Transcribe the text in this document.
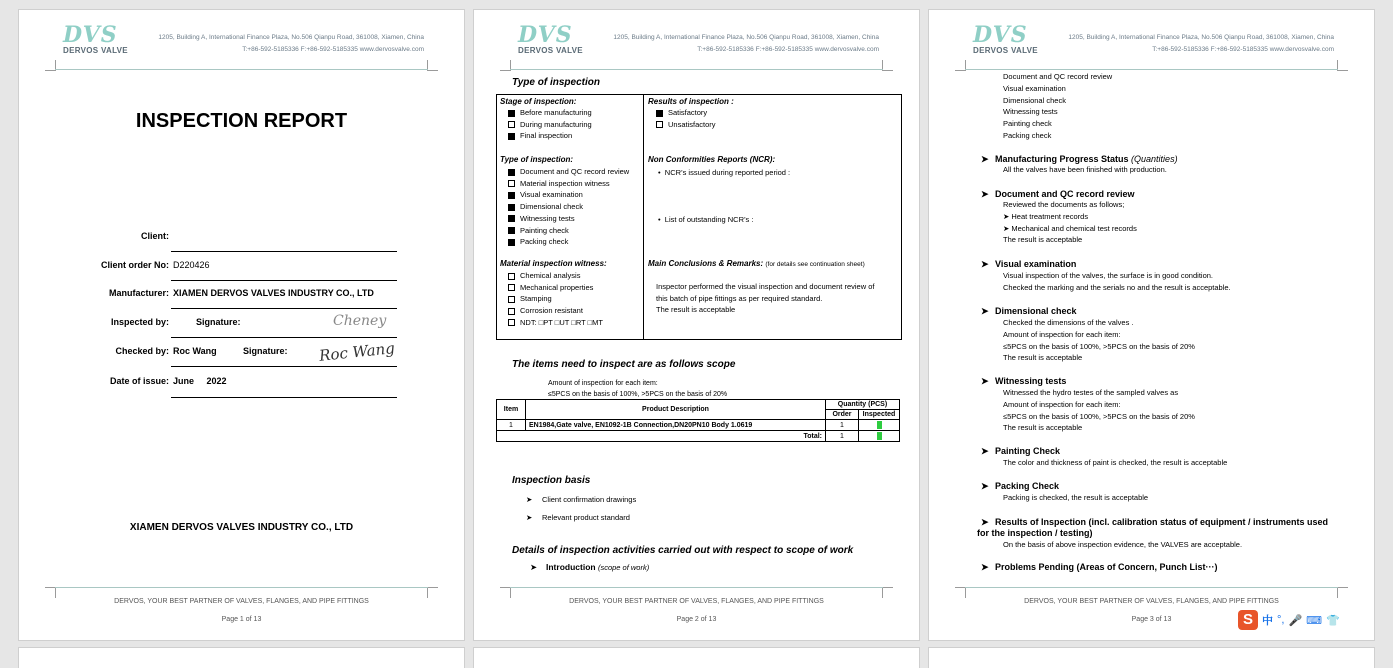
DVS
DERVOS VALVE
1205, Building A, International Finance Plaza, No.506 Qianpu Road, 361008, Xiamen, China
T:+86-592-5185336 F:+86-592-5185335 www.dervosvalve.com
INSPECTION REPORT
Client:
Client order No: D220426
Manufacturer: XIAMEN DERVOS VALVES INDUSTRY CO., LTD
Inspected by:	Signature:	Cheney
Checked by: Roc Wang	Signature: Roc Wang
Date of issue: June     2022
XIAMEN DERVOS VALVES INDUSTRY CO., LTD
DERVOS, YOUR BEST PARTNER OF VALVES, FLANGES, AND PIPE FITTINGS
Page 1 of 13
DVS
DERVOS VALVE
1205, Building A, International Finance Plaza, No.506 Qianpu Road, 361008, Xiamen, China
T:+86-592-5185336 F:+86-592-5185335 www.dervosvalve.com
Type of inspection
Stage of inspection:
Before manufacturing
During manufacturing
Final inspection
Type of inspection:
Document and QC record review
Material inspection witness
Visual examination
Dimensional check
Witnessing tests
Painting check
Packing check
Material inspection witness:
Chemical analysis
Mechanical properties
Stamping
Corrosion resistant
NDT: □PT □UT □RT □MT
Results of inspection :
Satisfactory
Unsatisfactory
Non Conformities Reports (NCR):
•  NCR’s issued during reported period :
•  List of outstanding NCR’s :
Main Conclusions & Remarks: (for details see continuation sheet)
Inspector performed the visual inspection and document review of
this batch of pipe fittings as per required standard.
The result is acceptable
The items need to inspect are as follows scope
Amount of inspection for each item:
≤5PCS on the basis of 100%, >5PCS on the basis of 20%
Item	Product Description	Quantity (PCS)	
		Order	Inspected
1	EN1984,Gate valve, EN1092-1B Connection,DN20PN10 Body 1.0619	1	
Total:		1	
Inspection basis
➤ Client confirmation drawings
➤ Relevant product standard
Details of inspection activities carried out with respect to scope of work
➤ Introduction (scope of work)
DERVOS, YOUR BEST PARTNER OF VALVES, FLANGES, AND PIPE FITTINGS
Page 2 of 13
DVS
DERVOS VALVE
1205, Building A, International Finance Plaza, No.506 Qianpu Road, 361008, Xiamen, China
T:+86-592-5185336 F:+86-592-5185335 www.dervosvalve.com
Document and QC record review
Visual examination
Dimensional check
Witnessing tests
Painting check
Packing check
➤ Manufacturing Progress Status (Quantities)
All the valves have been finished with production.
➤ Document and QC record review
Reviewed the documents as follows;
➤ Heat treatment records
➤ Mechanical and chemical test records
The result is acceptable
➤ Visual examination
Visual inspection of the valves, the surface is in good condition.
Checked the marking and the serials no and the result is acceptable.
➤ Dimensional check
Checked the dimensions of the valves .
Amount of inspection for each item:
≤5PCS on the basis of 100%, >5PCS on the basis of 20%
The result is acceptable
➤ Witnessing tests
Witnessed the hydro testes of the sampled valves as
Amount of inspection for each item:
≤5PCS on the basis of 100%, >5PCS on the basis of 20%
The result is acceptable
➤ Painting Check
The color and thickness of paint is checked, the result is acceptable
➤ Packing Check
Packing is checked, the result is acceptable
➤ Results of Inspection (incl. calibration status of equipment / instruments used
for the inspection / testing)
On the basis of above inspection evidence, the VALVES are acceptable.
➤ Problems Pending (Areas of Concern, Punch List···)
DERVOS, YOUR BEST PARTNER OF VALVES, FLANGES, AND PIPE FITTINGS
Page 3 of 13	S 中 °, 🎤 ⌨ 👕
